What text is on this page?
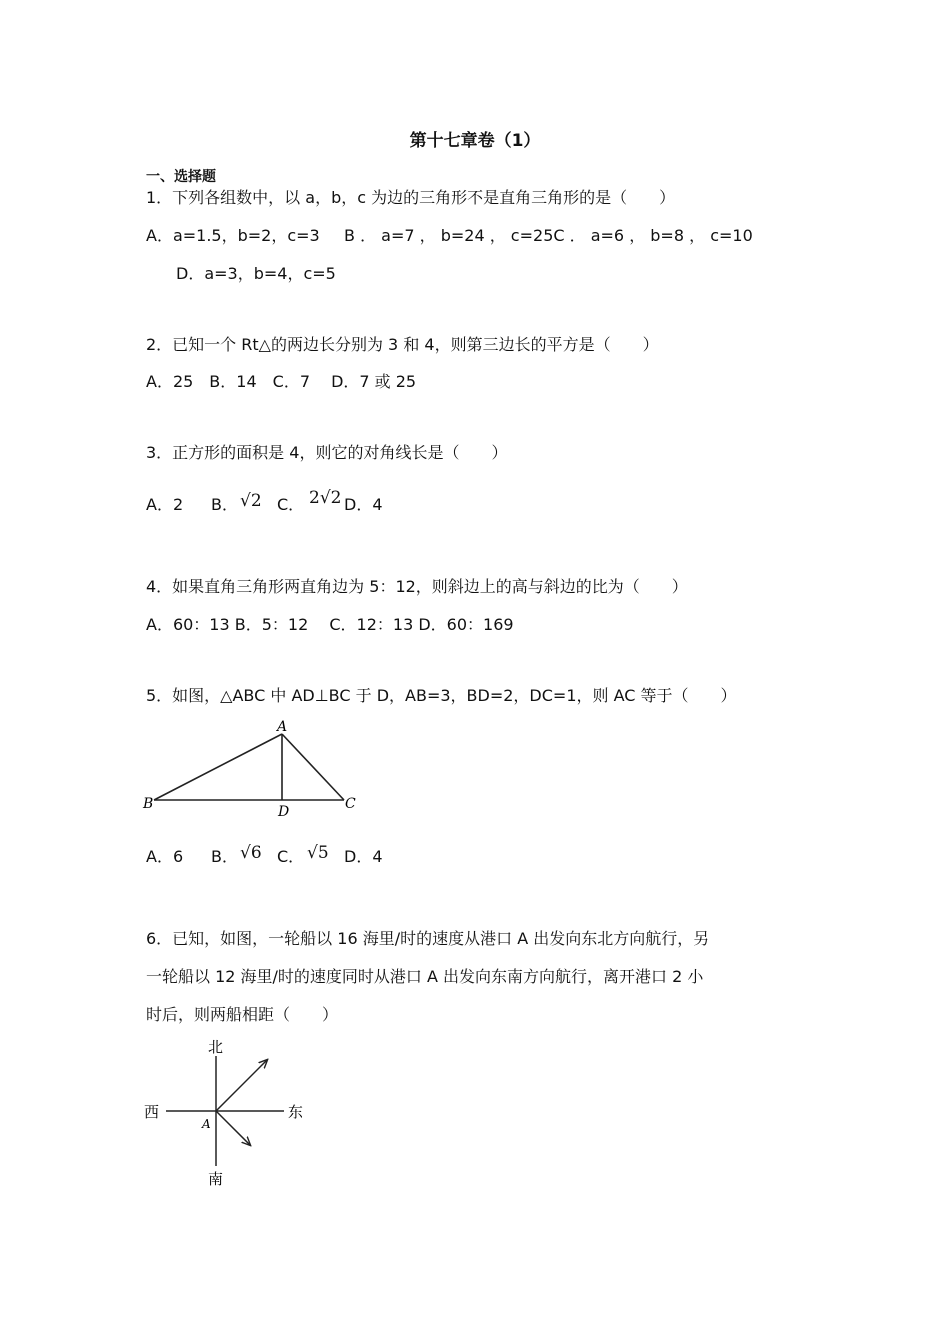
第十七章卷（1）
一、选择题
1．下列各组数中，以 a，b，c 为边的三角形不是直角三角形的是（　　）
A．a=1.5，b=2，c=3 B ． a=7 ， b=24 ， c=25C ． a=6 ， b=8 ， c=10
D．a=3，b=4，c=5
2．已知一个 Rt△的两边长分别为 3 和 4，则第三边长的平方是（　　）
A．25　B．14　C．7　 D．7 或 25
3．正方形的面积是 4，则它的对角线长是（　　）
A．2 B． √2 C． 2√2 D．4
4．如果直角三角形两直角边为 5：12，则斜边上的高与斜边的比为（　　）
A．60：13 B．5：12　 C．12：13 D．60：169
5．如图，△ABC 中 AD⊥BC 于 D，AB=3，BD=2，DC=1，则 AC 等于（　　）
A
B	C
D
A．6 B． √6 C． √5 D．4
6．已知，如图，一轮船以 16 海里/时的速度从港口 A 出发向东北方向航行，另
一轮船以 12 海里/时的速度同时从港口 A 出发向东南方向航行，离开港口 2 小
时后，则两船相距（　　）
北
南
东
西
A
